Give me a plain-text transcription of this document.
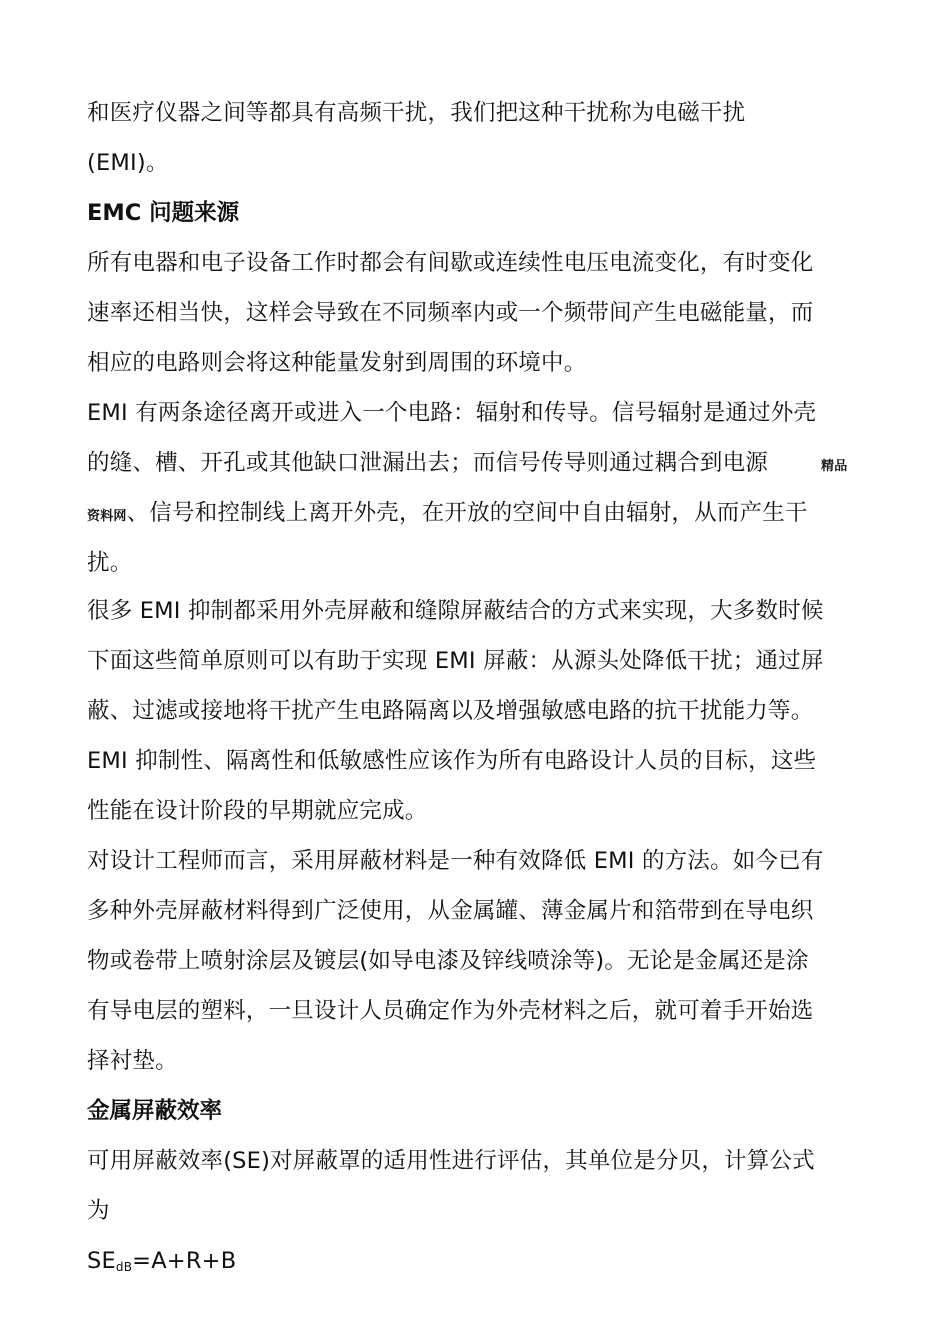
和医疗仪器之间等都具有高频干扰，我们把这种干扰称为电磁干扰
(EMI)。
EMC 问题来源
所有电器和电子设备工作时都会有间歇或连续性电压电流变化，有时变化
速率还相当快，这样会导致在不同频率内或一个频带间产生电磁能量，而
相应的电路则会将这种能量发射到周围的环境中。
EMI 有两条途径离开或进入一个电路：辐射和传导。信号辐射是通过外壳
的缝、槽、开孔或其他缺口泄漏出去；而信号传导则通过耦合到电源	精品
资料网、信号和控制线上离开外壳，在开放的空间中自由辐射，从而产生干
扰。
很多 EMI 抑制都采用外壳屏蔽和缝隙屏蔽结合的方式来实现，大多数时候
下面这些简单原则可以有助于实现 EMI 屏蔽：从源头处降低干扰；通过屏
蔽、过滤或接地将干扰产生电路隔离以及增强敏感电路的抗干扰能力等。
EMI 抑制性、隔离性和低敏感性应该作为所有电路设计人员的目标，这些
性能在设计阶段的早期就应完成。
对设计工程师而言，采用屏蔽材料是一种有效降低 EMI 的方法。如今已有
多种外壳屏蔽材料得到广泛使用，从金属罐、薄金属片和箔带到在导电织
物或卷带上喷射涂层及镀层(如导电漆及锌线喷涂等)。无论是金属还是涂
有导电层的塑料，一旦设计人员确定作为外壳材料之后，就可着手开始选
择衬垫。
金属屏蔽效率
可用屏蔽效率(SE)对屏蔽罩的适用性进行评估，其单位是分贝，计算公式
为
$SE_{dB}=A+R+B$
